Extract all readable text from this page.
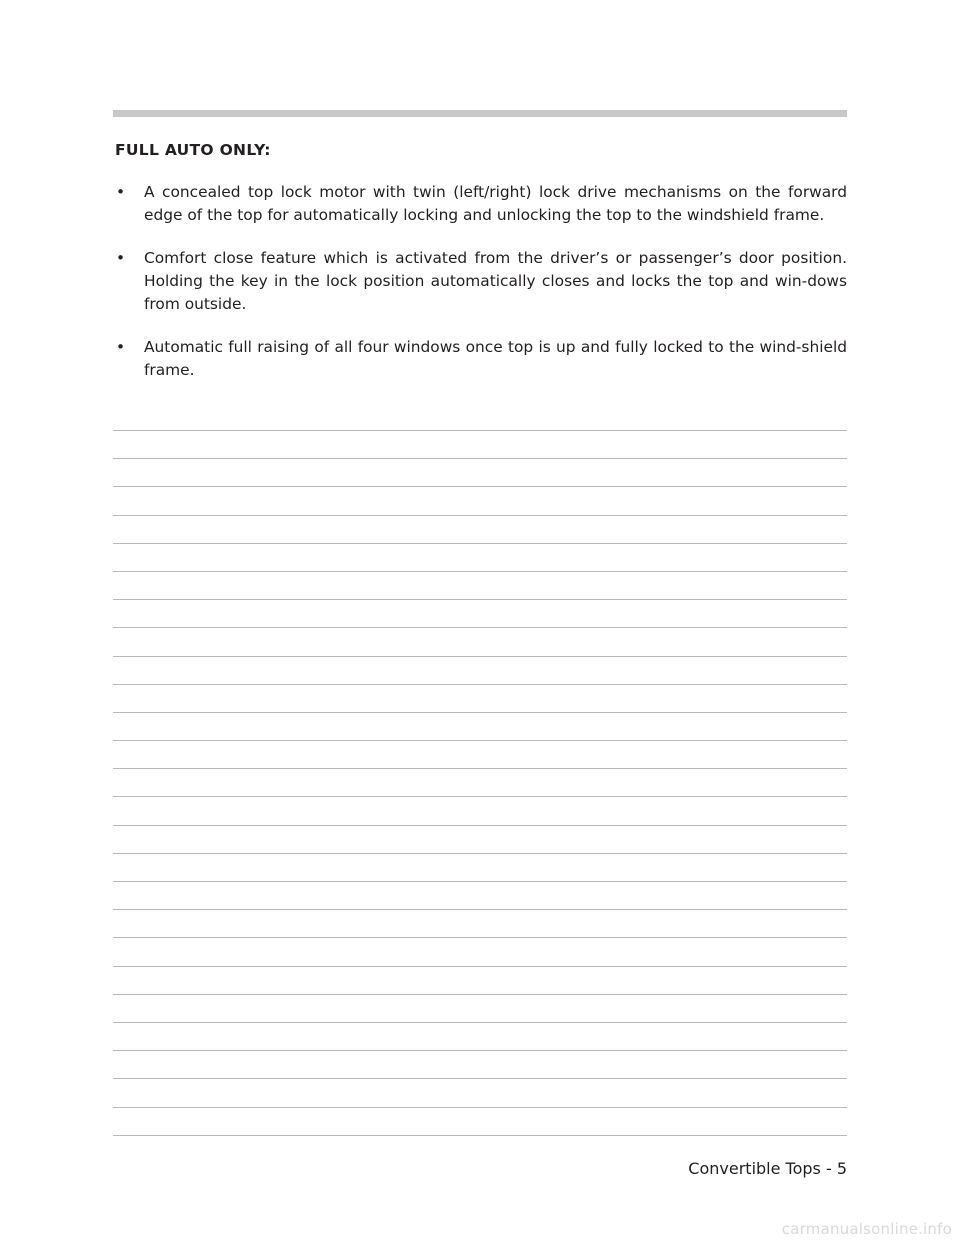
FULL AUTO ONLY:
• A concealed top lock motor with twin (left/right) lock drive mechanisms on the forward edge of the top for automatically locking and unlocking the top to the windshield frame.
• Comfort close feature which is activated from the driver’s or passenger’s door position. Holding the key in the lock position automatically closes and locks the top and win-dows from outside.
• Automatic full raising of all four windows once top is up and fully locked to the wind-shield frame.
Convertible Tops - 5
carmanualsonline.info
